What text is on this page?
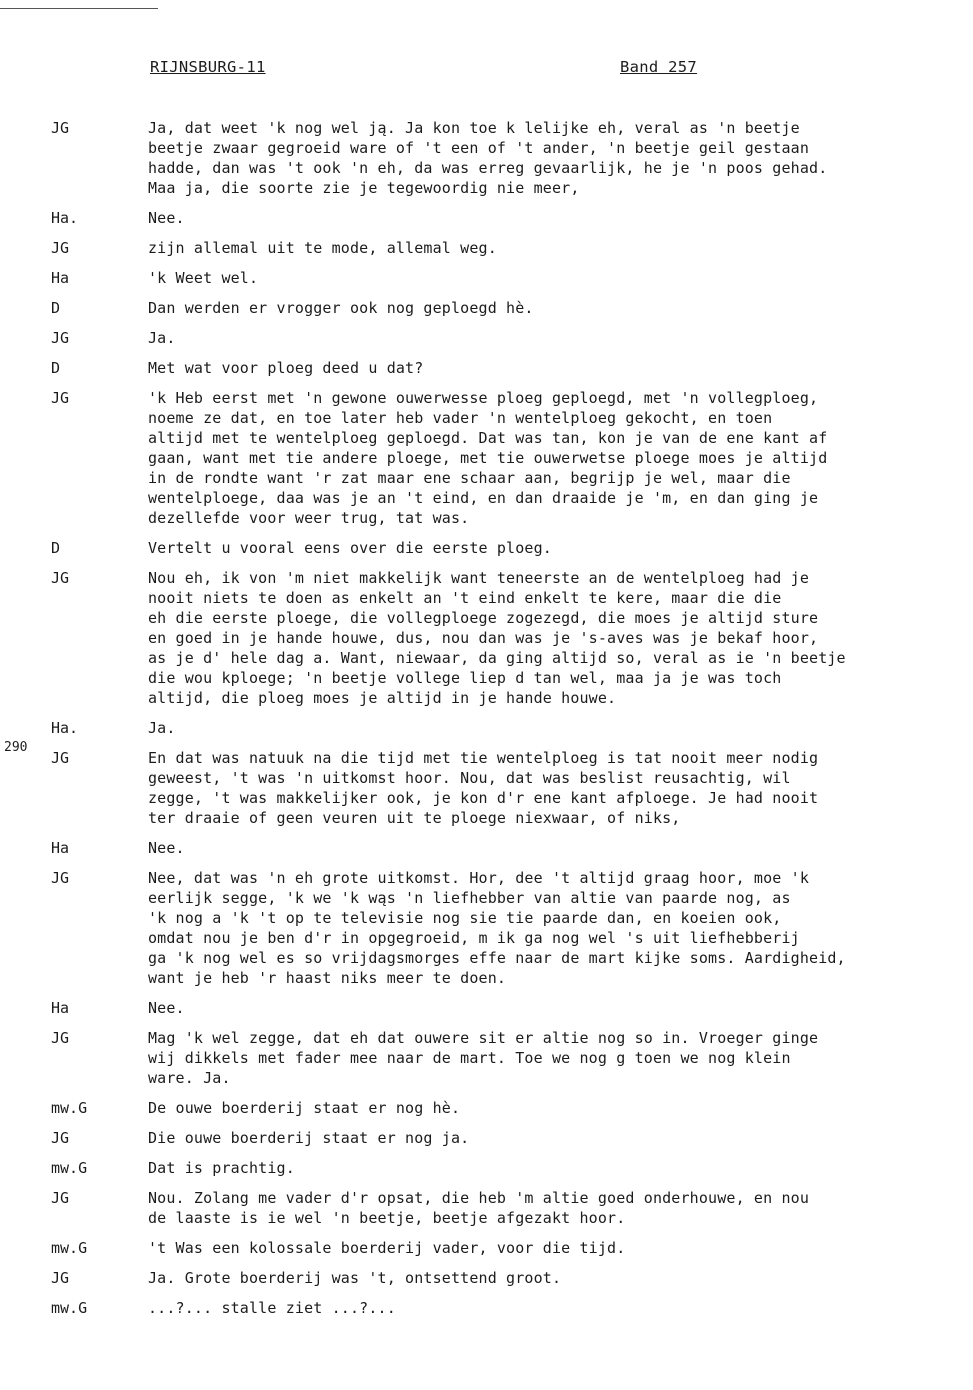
RIJNSBURG-11	Band 257
290
JG	Ja, dat weet 'k nog wel ją. Ja kon toe k lelijke eh, veral as 'n beetje
beetje zwaar gegroeid ware of 't een of 't ander, 'n beetje geil gestaan
hadde, dan was 't ook 'n eh, da was erreg gevaarlijk, he je 'n poos gehad.
Maa ja, die soorte zie je tegewoordig nie meer,
Ha.	Nee.
JG	zijn allemal uit te mode, allemal weg.
Ha	'k Weet wel.
D	Dan werden er vrogger ook nog geploegd hè.
JG	Ja.
D	Met wat voor ploeg deed u dat?
JG	'k Heb eerst met 'n gewone ouwerwesse ploeg geploegd, met 'n vollegploeg,
noeme ze dat, en toe later heb vader 'n wentelploeg gekocht, en toen
altijd met te wentelploeg geploegd. Dat was tan, kon je van de ene kant af
gaan, want met tie andere ploege, met tie ouwerwetse ploege moes je altijd
in de rondte want 'r zat maar ene schaar aan, begrijp je wel, maar die
wentelploege, daa was je an 't eind, en dan draaide je 'm, en dan ging je
dezellefde voor weer trug, tat was.
D	Vertelt u vooral eens over die eerste ploeg.
JG	Nou eh, ik von 'm niet makkelijk want teneerste an de wentelploeg had je
nooit niets te doen as enkelt an 't eind enkelt te kere, maar die die
eh die eerste ploege, die vollegploege zogezegd, die moes je altijd sture
en goed in je hande houwe, dus, nou dan was je 's-aves was je bekaf hoor,
as je d' hele dag a. Want, niewaar, da ging altijd so, veral as ie 'n beetje
die wou kploege; 'n beetje vollege liep d tan wel, maa ja je was toch
altijd, die ploeg moes je altijd in je hande houwe.
Ha.	Ja.
JG	En dat was natuuk na die tijd met tie wentelploeg is tat nooit meer nodig
geweest, 't was 'n uitkomst hoor. Nou, dat was beslist reusachtig, wil
zegge, 't was makkelijker ook, je kon d'r ene kant afploege. Je had nooit
ter draaie of geen veuren uit te ploege niexwaar, of niks,
Ha	Nee.
JG	Nee, dat was 'n eh grote uitkomst. Hor, dee 't altijd graag hoor, moe 'k
eerlijk segge, 'k we 'k wąs 'n liefhebber van altie van paarde nog, as
'k nog a 'k 't op te televisie nog sie tie paarde dan, en koeien ook,
omdat nou je ben d'r in opgegroeid, m ik ga nog wel 's uit liefhebberij
ga 'k nog wel es so vrijdagsmorges effe naar de mart kijke soms. Aardigheid,
want je heb 'r haast niks meer te doen.
Ha	Nee.
JG	Mag 'k wel zegge, dat eh dat ouwere sit er altie nog so in. Vroeger ginge
wij dikkels met fader mee naar de mart. Toe we nog g toen we nog klein
ware. Ja.
mw.G	De ouwe boerderij staat er nog hè.
JG	Die ouwe boerderij staat er nog ja.
mw.G	Dat is prachtig.
JG	Nou. Zolang me vader d'r opsat, die heb 'm altie goed onderhouwe, en nou
de laaste is ie wel 'n beetje, beetje afgezakt hoor.
mw.G	't Was een kolossale boerderij vader, voor die tijd.
JG	Ja. Grote boerderij was 't, ontsettend groot.
mw.G	...?... stalle ziet ...?...
